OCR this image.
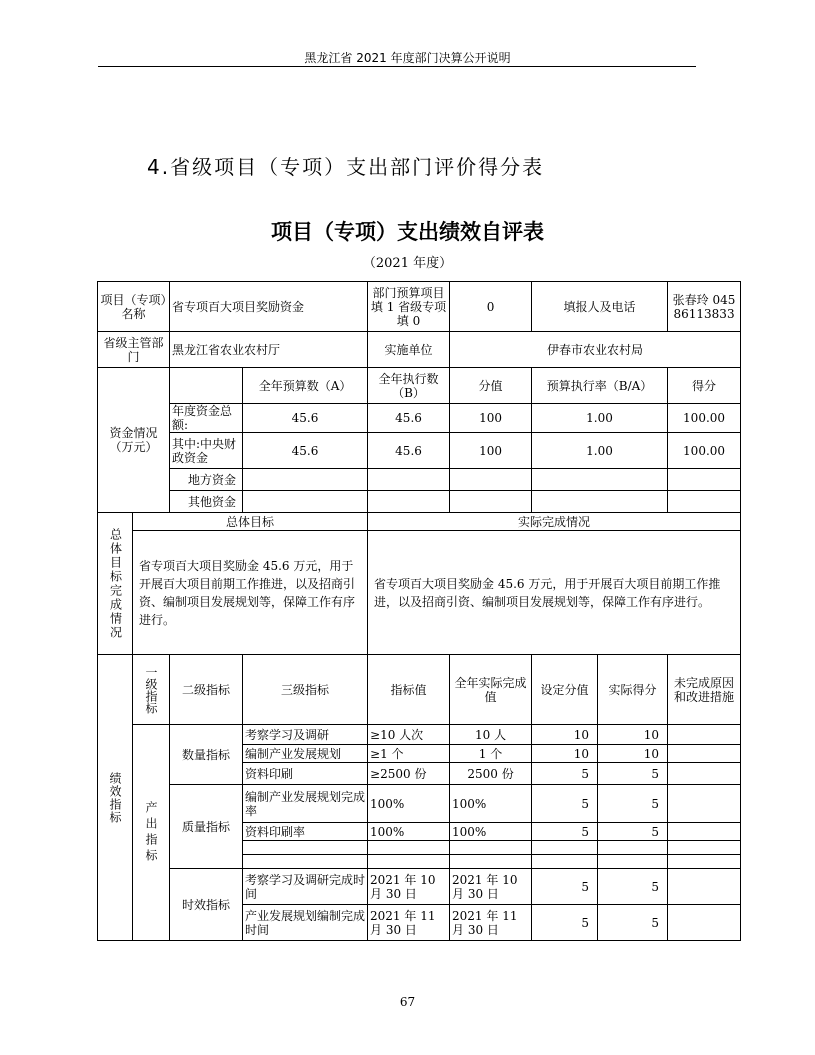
黑龙江省 2021 年度部门决算公开说明
4.省级项目（专项）支出部门评价得分表
项目（专项）支出绩效自评表
（2021 年度）
项目（专项）名称		省专项百大项目奖励资金		部门预算项目填 1 省级专项填 0	0	填报人及电话		张春玲 04586113833
省级主管部门		黑龙江省农业农村厅		实施单位	伊春市农业农村局			
资金情况（万元）			全年预算数（A）	全年执行数（B）	分值	预算执行率（B/A）		得分
		年度资金总额:	45.6	45.6	100	1.00		100.00
		其中:中央财政资金	45.6	45.6	100	1.00		100.00
		地方资金						
		其他资金						
总体目标完成情况	总体目标			实际完成情况				
	省专项百大项目奖励金 45.6 万元，用于开展百大项目前期工作推进，以及招商引资、编制项目发展规划等，保障工作有序进行。			省专项百大项目奖励金 45.6 万元，用于开展百大项目前期工作推进，以及招商引资、编制项目发展规划等，保障工作有序进行。				
绩效指标	一级指标	二级指标	三级指标	指标值	全年实际完成值	设定分值	实际得分	未完成原因和改进措施
	产出指标	数量指标	考察学习及调研	≥10 人次	10 人	10	10	
			编制产业发展规划	≥1 个	1 个	10	10	
			资料印刷	≥2500 份	2500 份	5	5	
		质量指标	编制产业发展规划完成率	100%	100%	5	5	
			资料印刷率	100%	100%	5	5	

		时效指标	考察学习及调研完成时间	2021 年 10 月 30 日	2021 年 10 月 30 日	5	5	
			产业发展规划编制完成时间	2021 年 11 月 30 日	2021 年 11 月 30 日	5	5	
67
